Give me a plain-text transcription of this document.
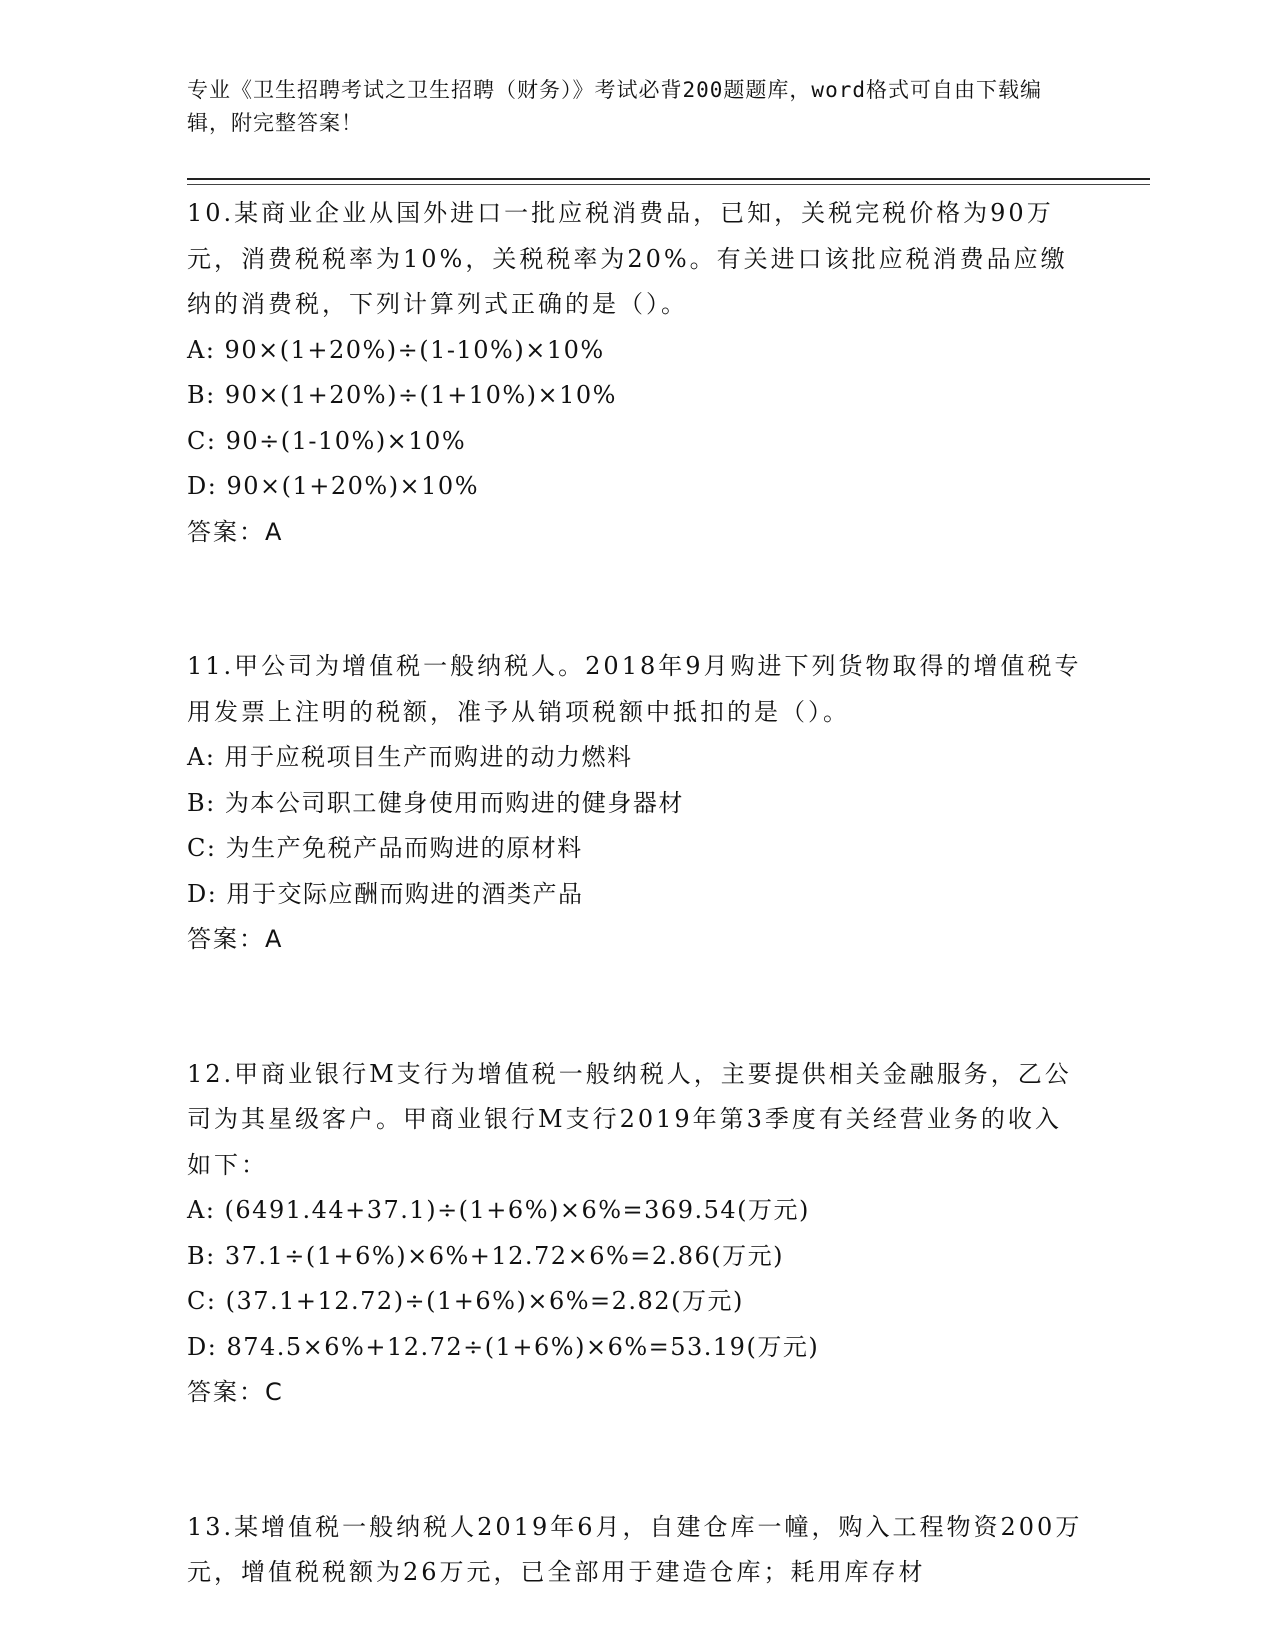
专业《卫生招聘考试之卫生招聘（财务）》考试必背200题题库，word格式可自由下载编辑，附完整答案！

10.某商业企业从国外进口一批应税消费品，已知，关税完税价格为90万元，消费税税率为10%，关税税率为20%。有关进口该批应税消费品应缴纳的消费税，下列计算列式正确的是（）。

A: 90×(1+20%)÷(1-10%)×10%

B: 90×(1+20%)÷(1+10%)×10%

C: 90÷(1-10%)×10%

D: 90×(1+20%)×10%

答案：A

11.甲公司为增值税一般纳税人。2018年9月购进下列货物取得的增值税专用发票上注明的税额，准予从销项税额中抵扣的是（）。

A: 用于应税项目生产而购进的动力燃料

B: 为本公司职工健身使用而购进的健身器材

C: 为生产免税产品而购进的原材料

D: 用于交际应酬而购进的酒类产品

答案：A

12.甲商业银行M支行为增值税一般纳税人，主要提供相关金融服务，乙公司为其星级客户。甲商业银行M支行2019年第3季度有关经营业务的收入如下：

A: (6491.44+37.1)÷(1+6%)×6%=369.54(万元)

B: 37.1÷(1+6%)×6%+12.72×6%=2.86(万元)

C: (37.1+12.72)÷(1+6%)×6%=2.82(万元)

D: 874.5×6%+12.72÷(1+6%)×6%=53.19(万元)

答案：C

13.某增值税一般纳税人2019年6月，自建仓库一幢，购入工程物资200万元，增值税税额为26万元，已全部用于建造仓库；耗用库存材
